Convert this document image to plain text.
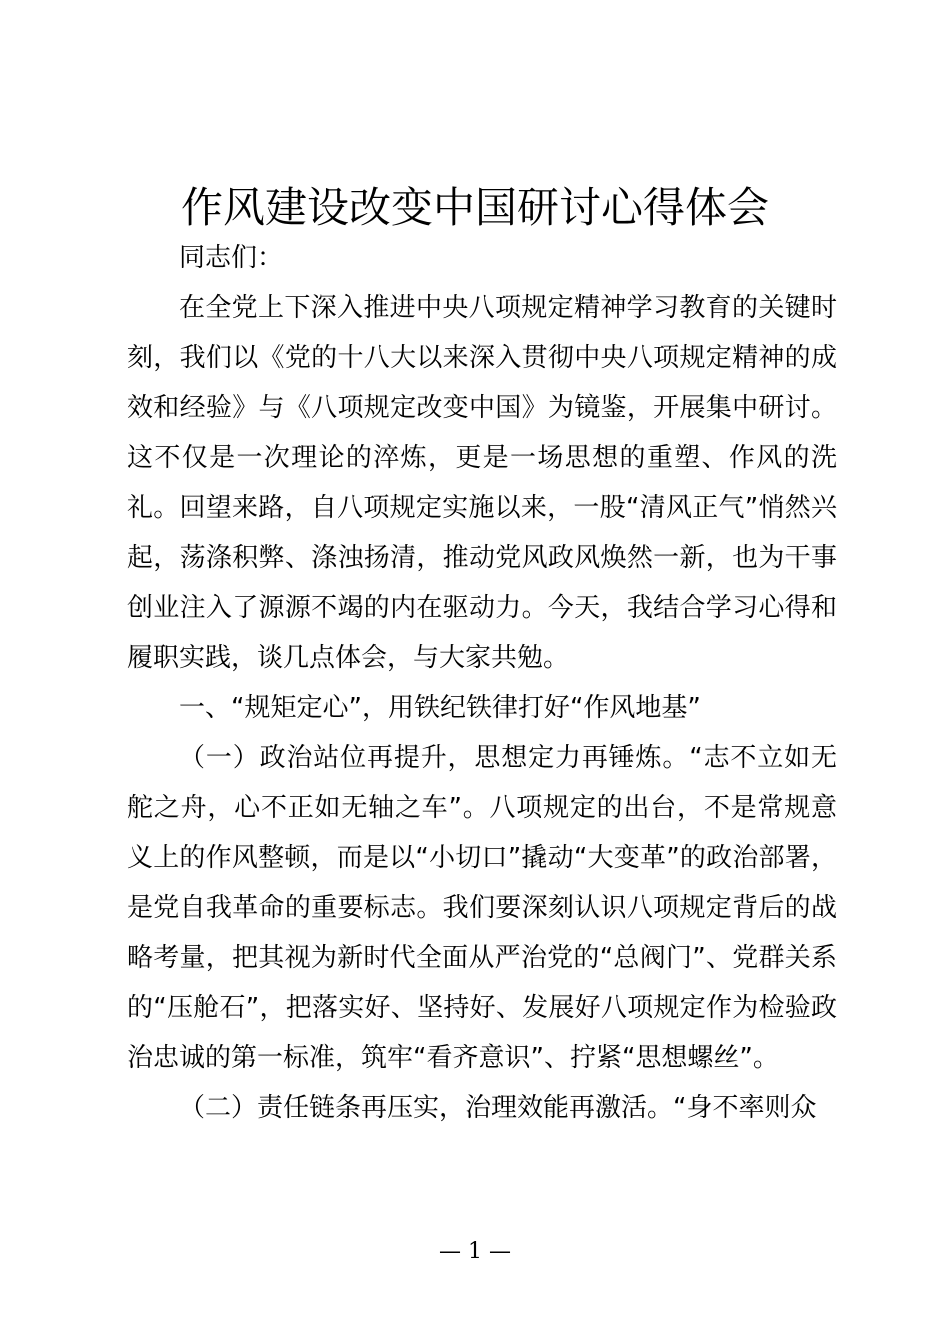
作风建设改变中国研讨心得体会

同志们：

在全党上下深入推进中央八项规定精神学习教育的关键时刻，我们以《党的十八大以来深入贯彻中央八项规定精神的成效和经验》与《八项规定改变中国》为镜鉴，开展集中研讨。这不仅是一次理论的淬炼，更是一场思想的重塑、作风的洗礼。回望来路，自八项规定实施以来，一股“清风正气”悄然兴起，荡涤积弊、涤浊扬清，推动党风政风焕然一新，也为干事创业注入了源源不竭的内在驱动力。今天，我结合学习心得和履职实践，谈几点体会，与大家共勉。

一、“规矩定心”，用铁纪铁律打好“作风地基”

（一）政治站位再提升，思想定力再锤炼。“志不立如无舵之舟，心不正如无轴之车”。八项规定的出台，不是常规意义上的作风整顿，而是以“小切口”撬动“大变革”的政治部署，是党自我革命的重要标志。我们要深刻认识八项规定背后的战略考量，把其视为新时代全面从严治党的“总阀门”、党群关系的“压舱石”，把落实好、坚持好、发展好八项规定作为检验政治忠诚的第一标准，筑牢“看齐意识”、拧紧“思想螺丝”。

（二）责任链条再压实，治理效能再激活。“身不率则众

— 1 —
